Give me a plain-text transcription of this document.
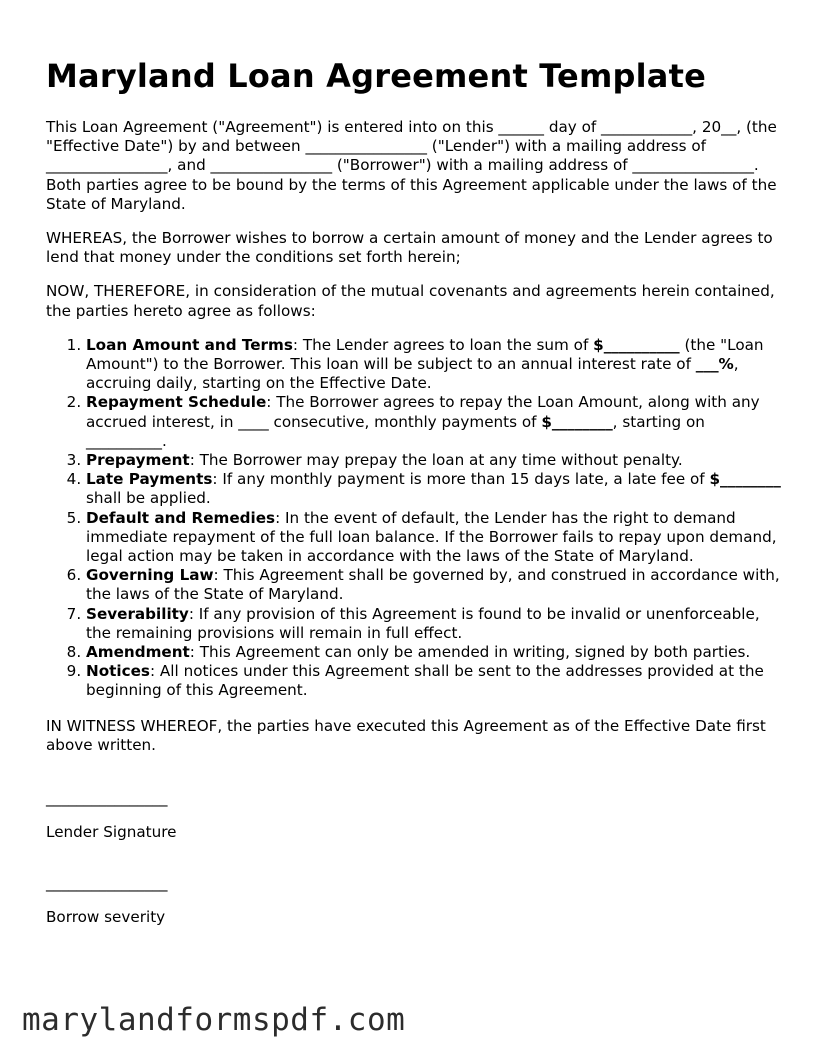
Maryland Loan Agreement Template

This Loan Agreement ("Agreement") is entered into on this ______ day of ____________, 20__, (the "Effective Date") by and between ________________ ("Lender") with a mailing address of ________________, and ________________ ("Borrower") with a mailing address of ________________. Both parties agree to be bound by the terms of this Agreement applicable under the laws of the State of Maryland.

WHEREAS, the Borrower wishes to borrow a certain amount of money and the Lender agrees to lend that money under the conditions set forth herein;

NOW, THEREFORE, in consideration of the mutual covenants and agreements herein contained, the parties hereto agree as follows:

1. Loan Amount and Terms: The Lender agrees to loan the sum of $__________ (the "Loan Amount") to the Borrower. This loan will be subject to an annual interest rate of ___%, accruing daily, starting on the Effective Date.
2. Repayment Schedule: The Borrower agrees to repay the Loan Amount, along with any accrued interest, in ____ consecutive, monthly payments of $________, starting on __________.
3. Prepayment: The Borrower may prepay the loan at any time without penalty.
4. Late Payments: If any monthly payment is more than 15 days late, a late fee of $________ shall be applied.
5. Default and Remedies: In the event of default, the Lender has the right to demand immediate repayment of the full loan balance. If the Borrower fails to repay upon demand, legal action may be taken in accordance with the laws of the State of Maryland.
6. Governing Law: This Agreement shall be governed by, and construed in accordance with, the laws of the State of Maryland.
7. Severability: If any provision of this Agreement is found to be invalid or unenforceable, the remaining provisions will remain in full effect.
8. Amendment: This Agreement can only be amended in writing, signed by both parties.
9. Notices: All notices under this Agreement shall be sent to the addresses provided at the beginning of this Agreement.

IN WITNESS WHEREOF, the parties have executed this Agreement as of the Effective Date first above written.

________________
Lender Signature
________________
Borrow severity
marylandformspdf.com
